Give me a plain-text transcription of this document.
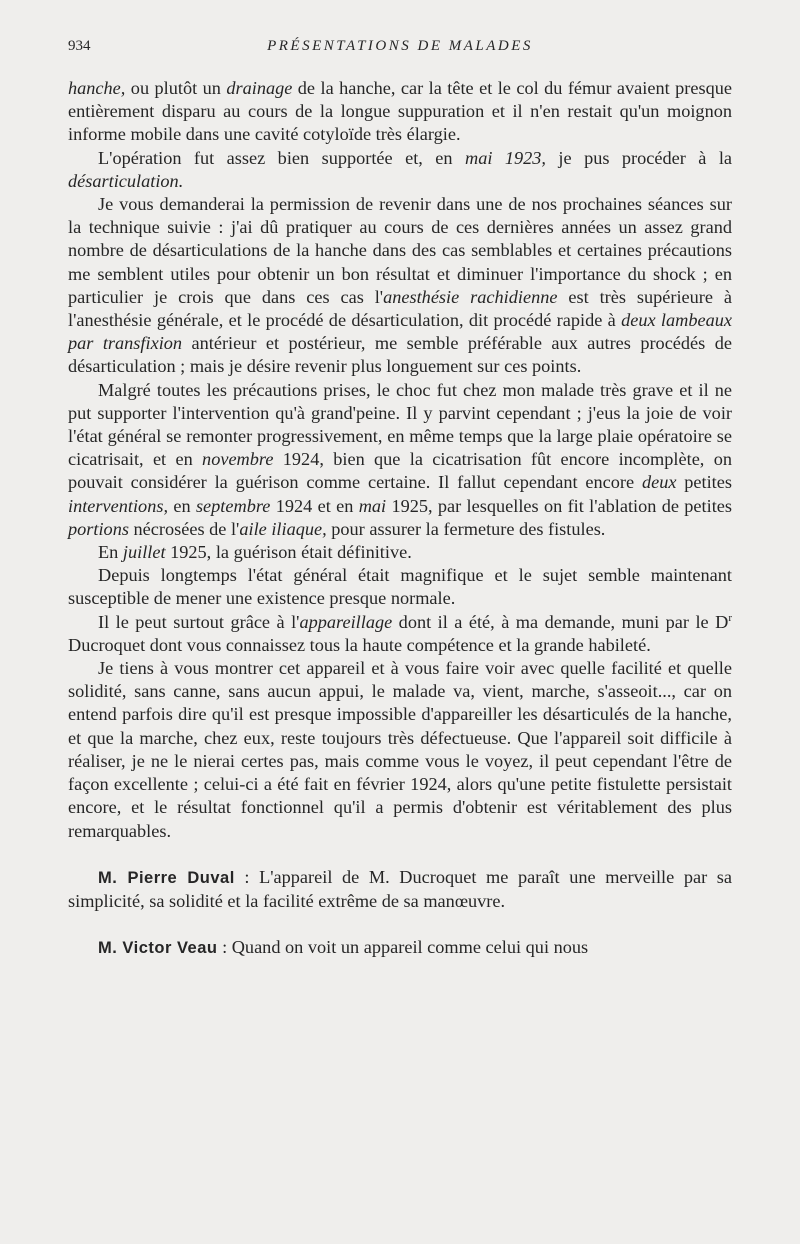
934	PRÉSENTATIONS DE MALADES

hanche, ou plutôt un drainage de la hanche, car la tête et le col du fémur avaient presque entièrement disparu au cours de la longue suppuration et il n'en restait qu'un moignon informe mobile dans une cavité cotyloïde très élargie.

L'opération fut assez bien supportée et, en mai 1923, je pus procéder à la désarticulation.

Je vous demanderai la permission de revenir dans une de nos prochaines séances sur la technique suivie : j'ai dû pratiquer au cours de ces dernières années un assez grand nombre de désarticulations de la hanche dans des cas semblables et certaines précautions me semblent utiles pour obtenir un bon résultat et diminuer l'importance du shock ; en particulier je crois que dans ces cas l'anesthésie rachidienne est très supérieure à l'anesthésie générale, et le procédé de désarticulation, dit procédé rapide à deux lambeaux par transfixion antérieur et postérieur, me semble préférable aux autres procédés de désarticulation ; mais je désire revenir plus longuement sur ces points.

Malgré toutes les précautions prises, le choc fut chez mon malade très grave et il ne put supporter l'intervention qu'à grand'peine. Il y parvint cependant ; j'eus la joie de voir l'état général se remonter progressivement, en même temps que la large plaie opératoire se cicatrisait, et en novembre 1924, bien que la cicatrisation fût encore incomplète, on pouvait considérer la guérison comme certaine. Il fallut cependant encore deux petites interventions, en septembre 1924 et en mai 1925, par lesquelles on fit l'ablation de petites portions nécrosées de l'aile iliaque, pour assurer la fermeture des fistules.

En juillet 1925, la guérison était définitive.

Depuis longtemps l'état général était magnifique et le sujet semble maintenant susceptible de mener une existence presque normale.

Il le peut surtout grâce à l'appareillage dont il a été, à ma demande, muni par le $D^r$ Ducroquet dont vous connaissez tous la haute compétence et la grande habileté.

Je tiens à vous montrer cet appareil et à vous faire voir avec quelle facilité et quelle solidité, sans canne, sans aucun appui, le malade va, vient, marche, s'asseoit..., car on entend parfois dire qu'il est presque impossible d'appareiller les désarticulés de la hanche, et que la marche, chez eux, reste toujours très défectueuse. Que l'appareil soit difficile à réaliser, je ne le nierai certes pas, mais comme vous le voyez, il peut cependant l'être de façon excellente ; celui-ci a été fait en février 1924, alors qu'une petite fistulette persistait encore, et le résultat fonctionnel qu'il a permis d'obtenir est véritablement des plus remarquables.

M. Pierre Duval : L'appareil de M. Ducroquet me paraît une merveille par sa simplicité, sa solidité et la facilité extrême de sa manœuvre.

M. Victor Veau : Quand on voit un appareil comme celui qui nous
